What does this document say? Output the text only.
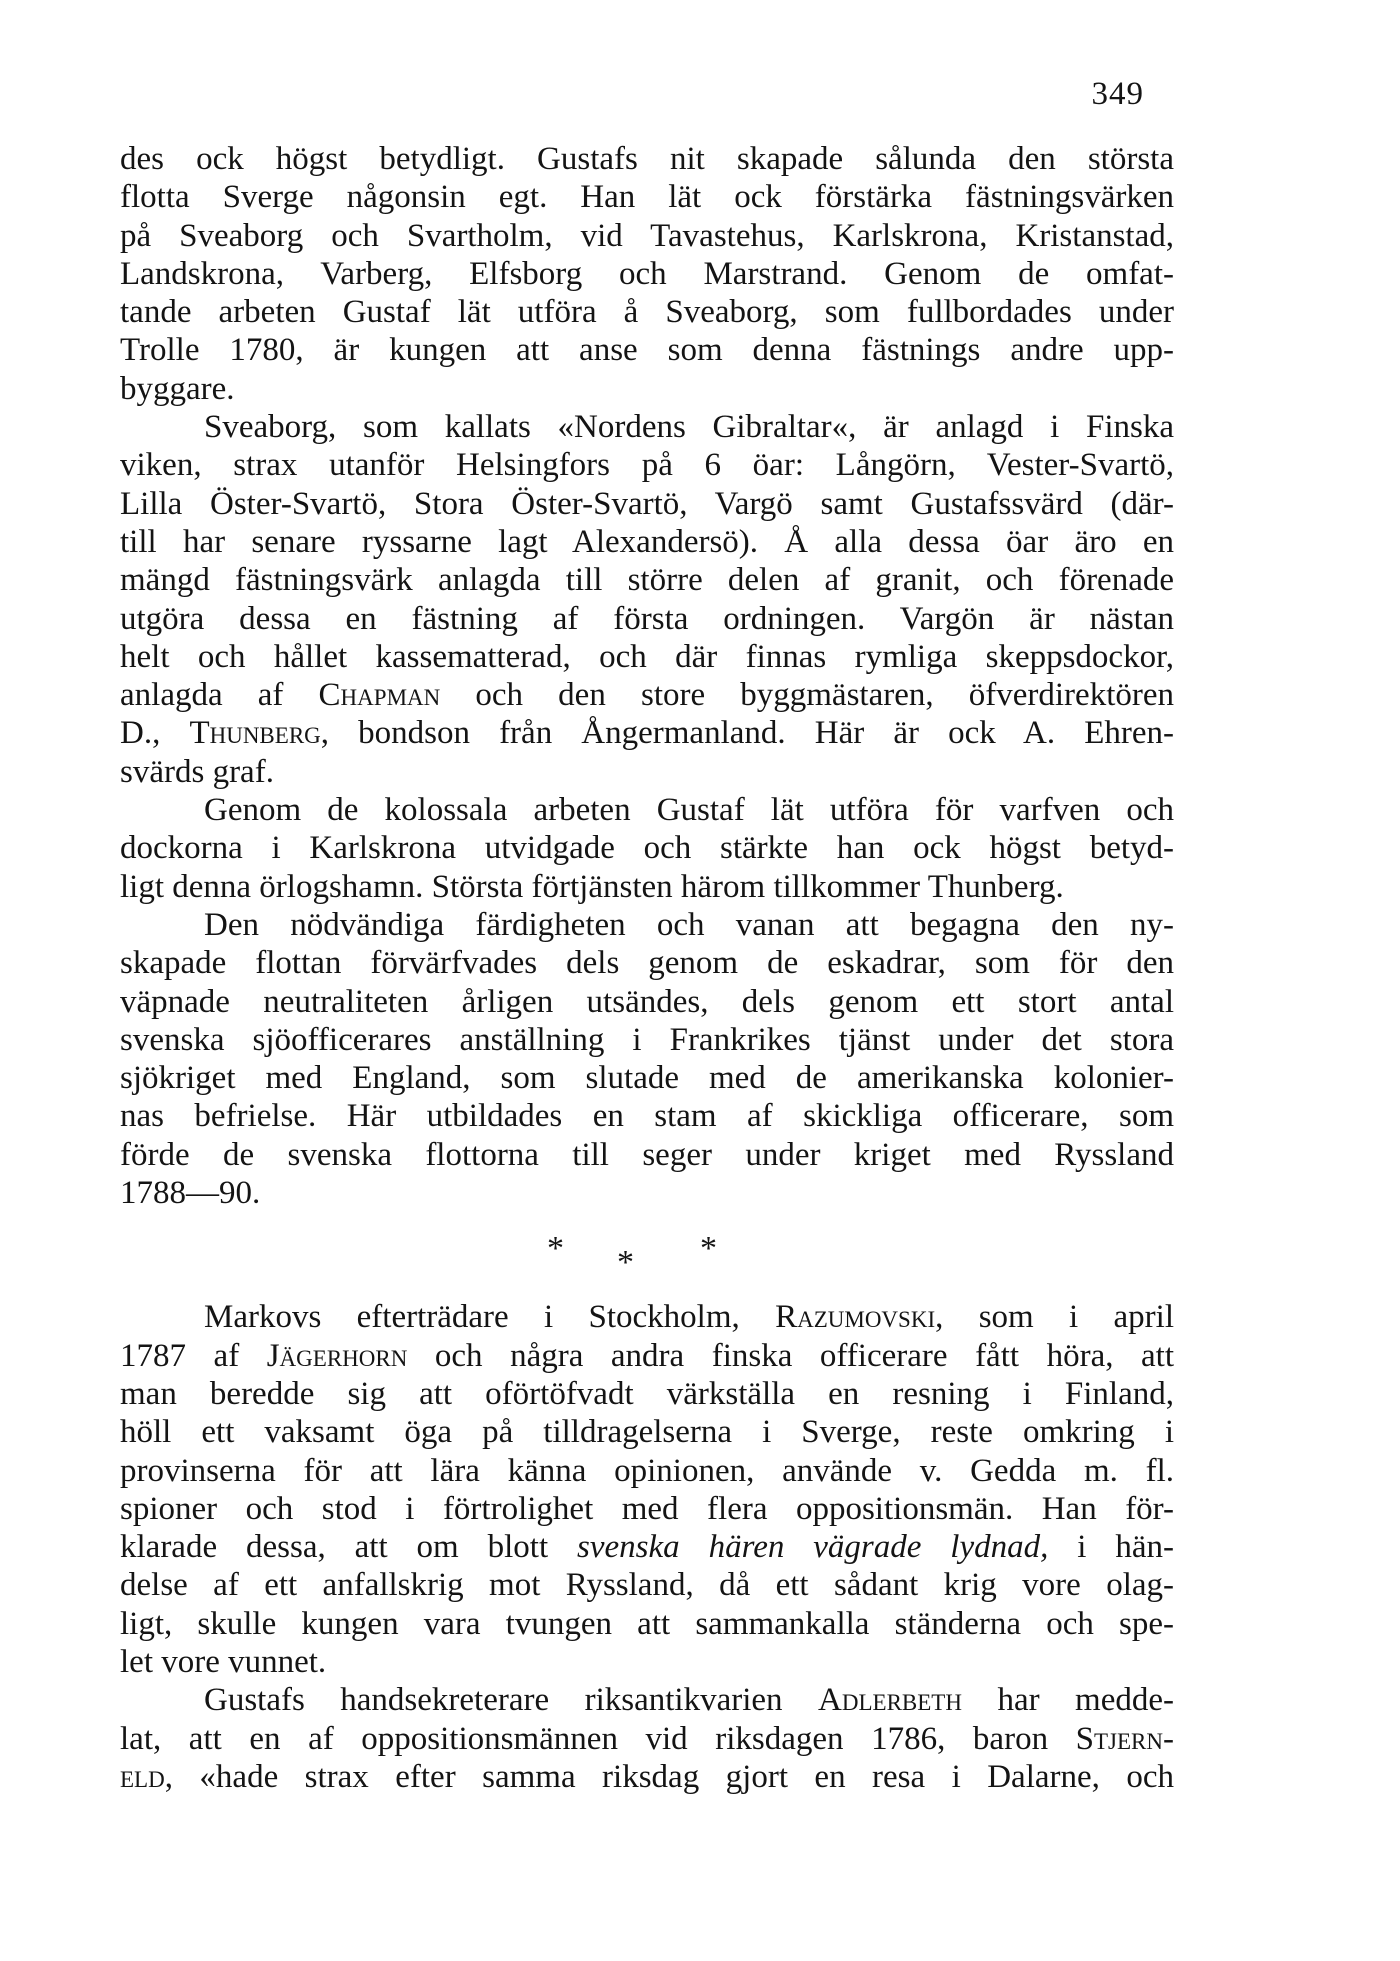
349
des ock högst betydligt. Gustafs nit skapade sålunda den största
flotta Sverge någonsin egt. Han lät ock förstärka fästningsvärken
på Sveaborg och Svartholm, vid Tavastehus, Karlskrona, Kristanstad,
Landskrona, Varberg, Elfsborg och Marstrand. Genom de omfat-
tande arbeten Gustaf lät utföra å Sveaborg, som fullbordades under
Trolle 1780, är kungen att anse som denna fästnings andre upp-
byggare.
Sveaborg, som kallats «Nordens Gibraltar«, är anlagd i Finska
viken, strax utanför Helsingfors på 6 öar: Långörn, Vester-Svartö,
Lilla Öster-Svartö, Stora Öster-Svartö, Vargö samt Gustafssvärd (där-
till har senare ryssarne lagt Alexandersö). Å alla dessa öar äro en
mängd fästningsvärk anlagda till större delen af granit, och förenade
utgöra dessa en fästning af första ordningen. Vargön är nästan
helt och hållet kassematterad, och där finnas rymliga skeppsdockor,
anlagda af Chapman och den store byggmästaren, öfverdirektören
D., Thunberg, bondson från Ångermanland. Här är ock A. Ehren-
svärds graf.
Genom de kolossala arbeten Gustaf lät utföra för varfven och
dockorna i Karlskrona utvidgade och stärkte han ock högst betyd-
ligt denna örlogshamn. Största förtjänsten härom tillkommer Thunberg.
Den nödvändiga färdigheten och vanan att begagna den ny-
skapade flottan förvärfvades dels genom de eskadrar, som för den
väpnade neutraliteten årligen utsändes, dels genom ett stort antal
svenska sjöofficerares anställning i Frankrikes tjänst under det stora
sjökriget med England, som slutade med de amerikanska kolonier-
nas befrielse. Här utbildades en stam af skickliga officerare, som
förde de svenska flottorna till seger under kriget med Ryssland
1788—90.
* * *
Markovs efterträdare i Stockholm, Razumovski, som i april
1787 af Jägerhorn och några andra finska officerare fått höra, att
man beredde sig att oförtöfvadt värkställa en resning i Finland,
höll ett vaksamt öga på tilldragelserna i Sverge, reste omkring i
provinserna för att lära känna opinionen, använde v. Gedda m. fl.
spioner och stod i förtrolighet med flera oppositionsmän. Han för-
klarade dessa, att om blott svenska hären vägrade lydnad, i hän-
delse af ett anfallskrig mot Ryssland, då ett sådant krig vore olag-
ligt, skulle kungen vara tvungen att sammankalla ständerna och spe-
let vore vunnet.
Gustafs handsekreterare riksantikvarien Adlerbeth har medde-
lat, att en af oppositionsmännen vid riksdagen 1786, baron Stjern-
eld, «hade strax efter samma riksdag gjort en resa i Dalarne, och
